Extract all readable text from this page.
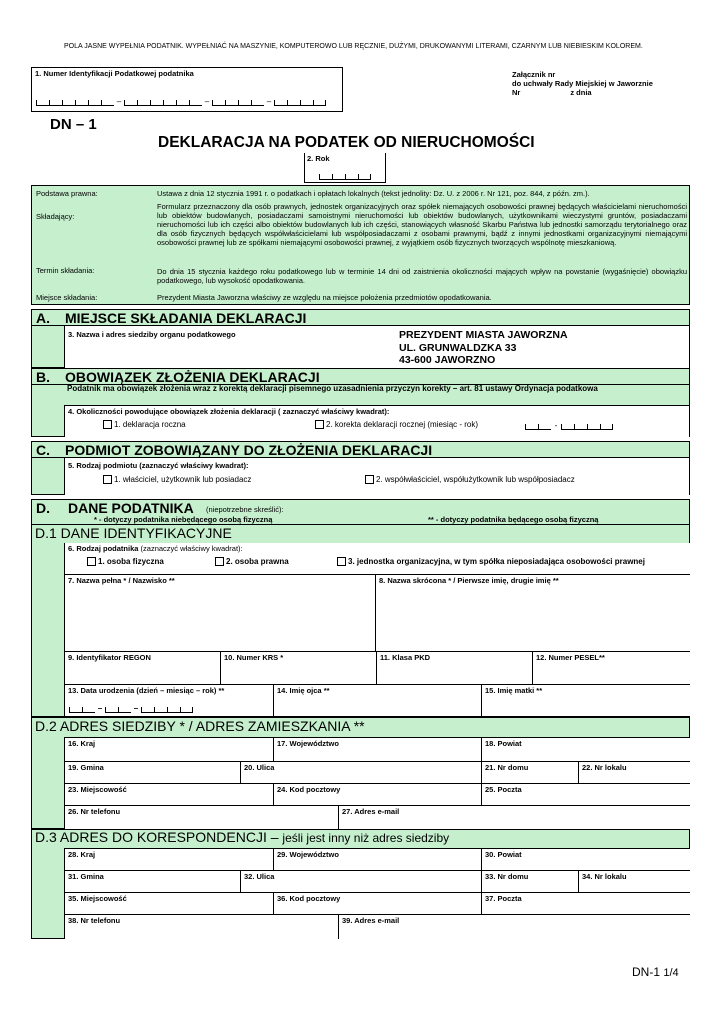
POLA JASNE WYPEŁNIA PODATNIK. WYPEŁNIAĆ NA MASZYNIE, KOMPUTEROWO LUB RĘCZNIE, DUŻYMI, DRUKOWANYMI LITERAMI, CZARNYM LUB NIEBIESKIM KOLOREM.
1. Numer Identyfikacji Podatkowej podatnika
–	–	–
Załącznik nr
do uchwały Rady Miejskiej w Jaworznie
Nr	z dnia
DN – 1
DEKLARACJA NA PODATEK OD NIERUCHOMOŚCI
2. Rok
Podstawa prawna:	Ustawa z dnia 12 stycznia 1991 r. o podatkach i opłatach lokalnych (tekst jednolity: Dz. U. z 2006 r. Nr 121, poz. 844, z późn. zm.).
Składający:
Formularz przeznaczony dla osób prawnych, jednostek organizacyjnych oraz spółek niemających osobowości prawnej będących właścicielami nieruchomości lub obiektów budowlanych, posiadaczami samoistnymi nieruchomości lub obiektów budowlanych, użytkownikami wieczystymi gruntów, posiadaczami nieruchomości lub ich części albo obiektów budowlanych lub ich części, stanowiących własność Skarbu Państwa lub jednostki samorządu terytorialnego oraz dla osób fizycznych będących współwłaścicielami lub współposiadaczami z osobami prawnymi, bądź z innymi jednostkami organizacyjnymi niemającymi osobowości prawnej lub ze spółkami niemającymi osobowości prawnej, z wyjątkiem osób fizycznych tworzących wspólnotę mieszkaniową.
Termin składania:	Do dnia 15 stycznia każdego roku podatkowego lub w terminie 14 dni od zaistnienia okoliczności mających wpływ na powstanie (wygaśnięcie) obowiązku podatkowego, lub wysokość opodatkowania.
Miejsce składania:	Prezydent Miasta Jaworzna właściwy ze względu na miejsce położenia przedmiotów opodatkowania.
A.	MIEJSCE SKŁADANIA DEKLARACJI
3. Nazwa i adres siedziby organu podatkowego	PREZYDENT MIASTA JAWORZNA
UL. GRUNWALDZKA 33
43-600 JAWORZNO
B.	OBOWIĄZEK ZŁOŻENIA DEKLARACJI
Podatnik ma obowiązek złożenia wraz z korektą deklaracji pisemnego uzasadnienia przyczyn korekty – art. 81 ustawy Ordynacja podatkowa
4. Okoliczności powodujące obowiązek złożenia deklaracji ( zaznaczyć właściwy kwadrat):
1. deklaracja roczna	2. korekta deklaracji rocznej (miesiąc - rok)	-
C.	PODMIOT ZOBOWIĄZANY DO ZŁOŻENIA DEKLARACJI
5. Rodzaj podmiotu (zaznaczyć właściwy kwadrat):
1. właściciel, użytkownik lub posiadacz	2. współwłaściciel, współużytkownik lub współposiadacz
D. DANE PODATNIKA (niepotrzebne skreślić):
* - dotyczy podatnika niebędącego osobą fizyczną	** - dotyczy podatnika będącego osobą fizyczną
D.1 DANE IDENTYFIKACYJNE
6. Rodzaj podatnika (zaznaczyć właściwy kwadrat):
1. osoba fizyczna	2. osoba prawna	3. jednostka organizacyjna, w tym spółka nieposiadająca osobowości prawnej
7. Nazwa pełna * / Nazwisko **	8. Nazwa skrócona * / Pierwsze imię, drugie imię **
9. Identyfikator REGON	10. Numer KRS *	11. Klasa PKD	12. Numer PESEL**
13. Data urodzenia (dzień – miesiąc – rok) **
–	–
14. Imię ojca **	15. Imię matki **
D.2 ADRES SIEDZIBY * / ADRES ZAMIESZKANIA **
16. Kraj	17. Województwo	18. Powiat
19. Gmina	20. Ulica	21. Nr domu	22. Nr lokalu
23. Miejscowość	24. Kod pocztowy	25. Poczta
26. Nr telefonu	27. Adres e-mail
D.3 ADRES DO KORESPONDENCJI – jeśli jest inny niż adres siedziby
28. Kraj	29. Województwo	30. Powiat
31. Gmina	32. Ulica	33. Nr domu	34. Nr lokalu
35. Miejscowość	36. Kod pocztowy	37. Poczta
38. Nr telefonu	39. Adres e-mail
DN-1 1/4
